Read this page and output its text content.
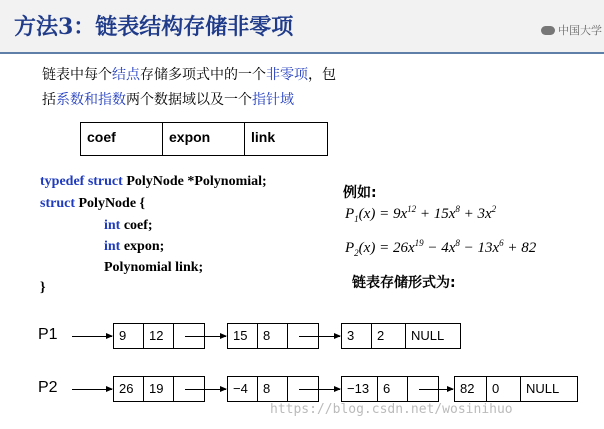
方法3：链表结构存储非零项	中国大学
链表中每个结点存储多项式中的一个非零项，包
括系数和指数两个数据域以及一个指针域
coef	expon	link
typedef struct PolyNode *Polynomial;
struct PolyNode {
int coef;
int expon;
Polynomial link;
}
例如:
$P_1(x) = 9x^{12} + 15x^8 + 3x^2$
$P_2(x) = 26x^{19} - 4x^8 - 13x^6 + 82$
链表存储形式为:
P1	9	12	15	8	3	2	NULL
P2	26	19	−4	8	−13	6	82	0	NULL
https://blog.csdn.net/wosinihuo
